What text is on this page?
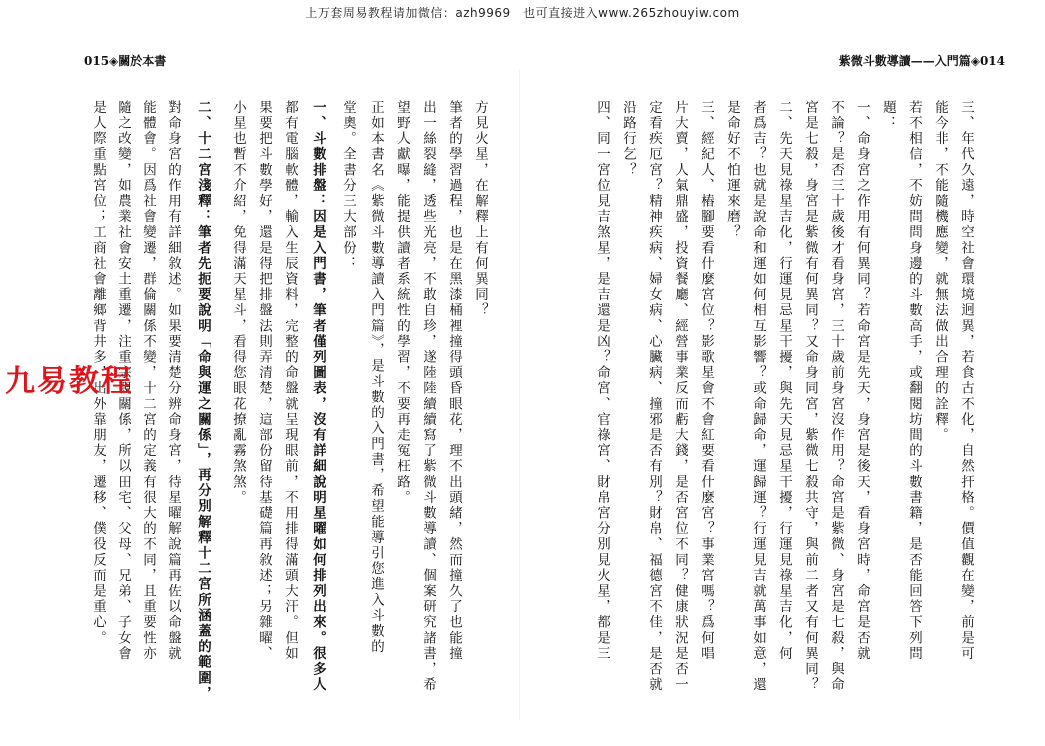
上万套周易教程请加微信：azh9969　也可直接进入www.265zhouyiw.com
015◈關於本書	紫微斗數導讀——入門篇◈014
是人際重點宮位；工商社會離鄉背井多，出外靠朋友，遷移、僕役反而是重心。 隨之改變，如農業社會安土重遷，注重宗親關係，所以田宅、父母、兄弟、子女會 能體會。因爲社會變遷，群倫關係不變，十二宮的定義有很大的不同，且重要性亦 對命身宮的作用有詳細敘述。如果要清楚分辨命身宮，待星曜解說篇再佐以命盤就 二、十二宮淺釋：筆者先扼要說明「命與運之關係」，再分別解釋十二宮所涵蓋的範圍， 小星也暫不介紹，免得滿天星斗，看得您眼花撩亂霧煞煞。 果要把斗數學好，還是得把排盤法則弄清楚，這部份留待基礎篇再敘述；另雜曜、 都有電腦軟體，輸入生辰資料，完整的命盤就呈現眼前，不用排得滿頭大汗。但如 一、斗數排盤：因是入門書，筆者僅列圖表，沒有詳細說明星曜如何排列出來。很多人 堂奧。全書分三大部份： 正如本書名《紫微斗數導讀入門篇》，是斗數的入門書，希望能導引您進入斗數的 望野人獻曝，能提供讀者系統性的學習，不要再走冤枉路。 出一絲裂縫，透些光亮，不敢自珍，遂陸陸續續寫了紫微斗數導讀、個案研究諸書，希 筆者的學習過程，也是在黑漆桶裡撞得頭昏眼花，理不出頭緒，然而撞久了也能撞 方見火星，在解釋上有何異同？	三、年代久遠，時空社會環境迥異，若食古不化，自然扞格。價值觀在變，前是可
能今非，不能隨機應變，就無法做出合理的詮釋。
若不相信，不妨問問身邊的斗數高手，或翻閱坊間的斗數書籍，是否能回答下列問
題：
一、命身宮之作用有何異同？若命宮是先天，身宮是後天，看身宮時，命宮是否就
不論？是否三十歲後才看身宮，三十歲前身宮沒作用？命宮是紫微、身宮是七殺，與命
宮是七殺，身宮是紫微有何異同？又命身同宮，紫微七殺共守，與前二者又有何異同？
二、先天見祿星吉化，行運見忌星干擾，與先天見忌星干擾，行運見祿星吉化，何
者爲吉？也就是說命和運如何相互影響？或命歸命，運歸運？行運見吉就萬事如意，還
是命好不怕運來磨？
三、經紀人、樁腳要看什麼宮位？影歌星會不會紅要看什麼宮？事業宮嗎？爲何唱
片大賣，人氣鼎盛，投資餐廳、經營事業反而虧大錢，是否宮位不同？健康狀況是否一
定看疾厄宮？精神疾病、婦女病、心臟病、撞邪是否有別？財帛、福德宮不佳，是否就
沿路行乞？
四、同一宮位見吉煞星，是吉還是凶？命宮、官祿宮、財帛宮分別見火星，都是三
九易教程
